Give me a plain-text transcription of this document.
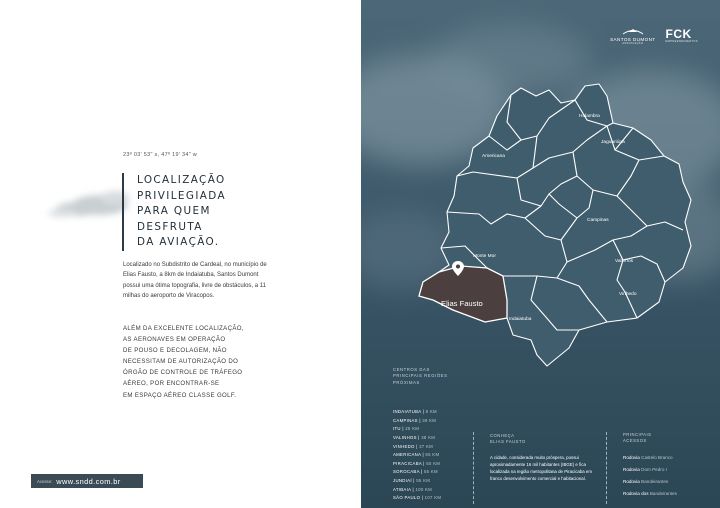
23º 03' 53" s, 47º 19' 34" w
LOCALIZAÇÃO
PRIVILEGIADA
PARA QUEM
DESFRUTA
DA AVIAÇÃO.

Localizado no Subdistrito de Cardeal, no município de Elias Fausto, a 8km de Indaiatuba, Santos Dumont possui uma ótima topografia, livre de obstáculos, a 11 milhas do aeroporto de Viracopos.

ALÉM DA EXCELENTE LOCALIZAÇÃO,
AS AERONAVES EM OPERAÇÃO
DE POUSO E DECOLAGEM, NÃO
NECESSITAM DE AUTORIZAÇÃO DO
ÓRGÃO DE CONTROLE DE TRÁFEGO
AÉREO, POR ENCONTRAR-SE
EM ESPAÇO AÉREO CLASSE GOLF.

Acesse: www.sndd.com.br
SANTOS DUMONT
ASSOCIAÇÃO
FCK
EMPREENDIMENTOS
Holambra
Americana
Jaguariúna
Campinas
Monte Mor
Elias Fausto
Valinhos
Vinhedo
Indaiatuba
CENTROS DAS
PRINCIPAIS REGIÕES
PRÓXIMAS
INDAIATUBA | 8 KM
CAMPINAS | 38 KM
ITU | 25 KM
VALINHOS | 38 KM
VINHEDO | 37 KM
AMERICANA | 55 KM
PIRACICABA | 60 KM
SOROCABA | 55 KM
JUNDIAÍ | 55 KM
ATIBAIA | 100 KM
SÃO PAULO | 107 KM
CONHEÇA
ELIAS FAUSTO
A cidade, considerada muito próspera, possui aproximadamente 16 mil habitantes (IBGE) e fica localizada na região metropolitana de Piracicaba em franco desenvolvimento comercial e habitacional.
PRINCIPAIS
ACESSOS
Rodovia Castelo Branco
Rodovia Dom Pedro I
Rodovia Bandeirantes
Rodovia dos Bandeirantes
